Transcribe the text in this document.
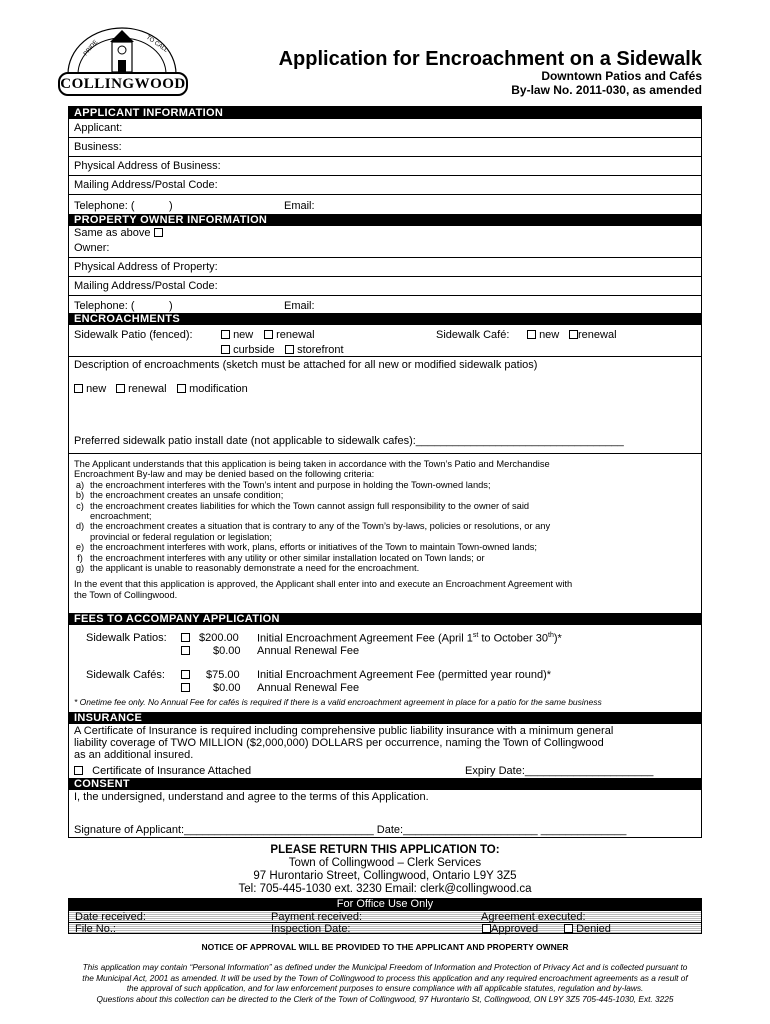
PRIDE	TO CALL
COLLINGWOOD
Application for Encroachment on a Sidewalk
Downtown Patios and Cafés
By-law No. 2011-030, as amended
APPLICANT INFORMATION
Applicant:
Business:
Physical Address of Business:
Mailing Address/Postal Code:
Telephone: (	)	Email:
PROPERTY OWNER INFORMATION
Same as above
Owner:
Physical Address of Property:
Mailing Address/Postal Code:
Telephone: (	)	Email:
ENCROACHMENTS
Sidewalk Patio (fenced):	new	renewal	Sidewalk Café:	new	renewal
curbside	storefront
Description of encroachments (sketch must be attached for all new or modified sidewalk patios)
new	renewal	modification
Preferred sidewalk patio install date (not applicable to sidewalk cafes):__________________________________
The Applicant understands that this application is being taken in accordance with the Town’s Patio and Merchandise
Encroachment By-law and may be denied based on the following criteria:
a) the encroachment interferes with the Town’s intent and purpose in holding the Town-owned lands;
b) the encroachment creates an unsafe condition;
c) the encroachment creates liabilities for which the Town cannot assign full responsibility to the owner of said
encroachment;
d) the encroachment creates a situation that is contrary to any of the Town’s by-laws, policies or resolutions, or any
provincial or federal regulation or legislation;
e) the encroachment interferes with work, plans, efforts or initiatives of the Town to maintain Town-owned lands;
f) the encroachment interferes with any utility or other similar installation located on Town lands; or
g) the applicant is unable to reasonably demonstrate a need for the encroachment.
In the event that this application is approved, the Applicant shall enter into and execute an Encroachment Agreement with
the Town of Collingwood.
FEES TO ACCOMPANY APPLICATION
Sidewalk Patios:	$200.00 Initial Encroachment Agreement Fee (April 1st to October 30th)*
$0.00 Annual Renewal Fee
Sidewalk Cafés:	$75.00 Initial Encroachment Agreement Fee (permitted year round)*
$0.00 Annual Renewal Fee
* Onetime fee only. No Annual Fee for cafés is required if there is a valid encroachment agreement in place for a patio for the same business
INSURANCE
A Certificate of Insurance is required including comprehensive public liability insurance with a minimum general
liability coverage of TWO MILLION ($2,000,000) DOLLARS per occurrence, naming the Town of Collingwood
as an additional insured.
Certificate of Insurance Attached	Expiry Date:_____________________
CONSENT
I, the undersigned, understand and agree to the terms of this Application.
Signature of Applicant:_______________________________ Date:______________________ ______________
PLEASE RETURN THIS APPLICATION TO:
Town of Collingwood – Clerk Services
97 Hurontario Street, Collingwood, Ontario L9Y 3Z5
Tel: 705-445-1030 ext. 3230 Email: clerk@collingwood.ca
For Office Use Only
Date received:	Payment received:	Agreement executed:
File No.:	Inspection Date:	Approved	Denied
NOTICE OF APPROVAL WILL BE PROVIDED TO THE APPLICANT AND PROPERTY OWNER
This application may contain “Personal Information” as defined under the Municipal Freedom of Information and Protection of Privacy Act and is collected pursuant to
the Municipal Act, 2001 as amended. It will be used by the Town of Collingwood to process this application and any required encroachment agreements as a result of
the approval of such application, and for law enforcement purposes to ensure compliance with all applicable statutes, regulation and by-laws.
Questions about this collection can be directed to the Clerk of the Town of Collingwood, 97 Hurontario St, Collingwood, ON L9Y 3Z5 705-445-1030, Ext. 3225
